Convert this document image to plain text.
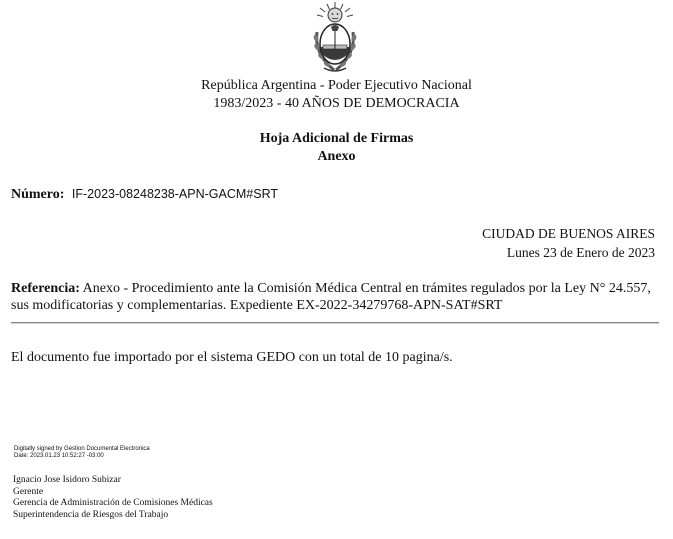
República Argentina - Poder Ejecutivo Nacional
1983/2023 - 40 AÑOS DE DEMOCRACIA
Hoja Adicional de Firmas
Anexo
Número: IF-2023-08248238-APN-GACM#SRT
CIUDAD DE BUENOS AIRES
Lunes 23 de Enero de 2023
Referencia: Anexo - Procedimiento ante la Comisión Médica Central en trámites regulados por la Ley N° 24.557, sus modificatorias y complementarias. Expediente EX-2022-34279768-APN-SAT#SRT
El documento fue importado por el sistema GEDO con un total de 10 pagina/s.
Digitally signed by Gestion Documental Electronica
Date: 2023.01.23 10:52:27 -03:00
Ignacio Jose Isidoro Subizar
Gerente
Gerencia de Administración de Comisiones Médicas
Superintendencia de Riesgos del Trabajo
